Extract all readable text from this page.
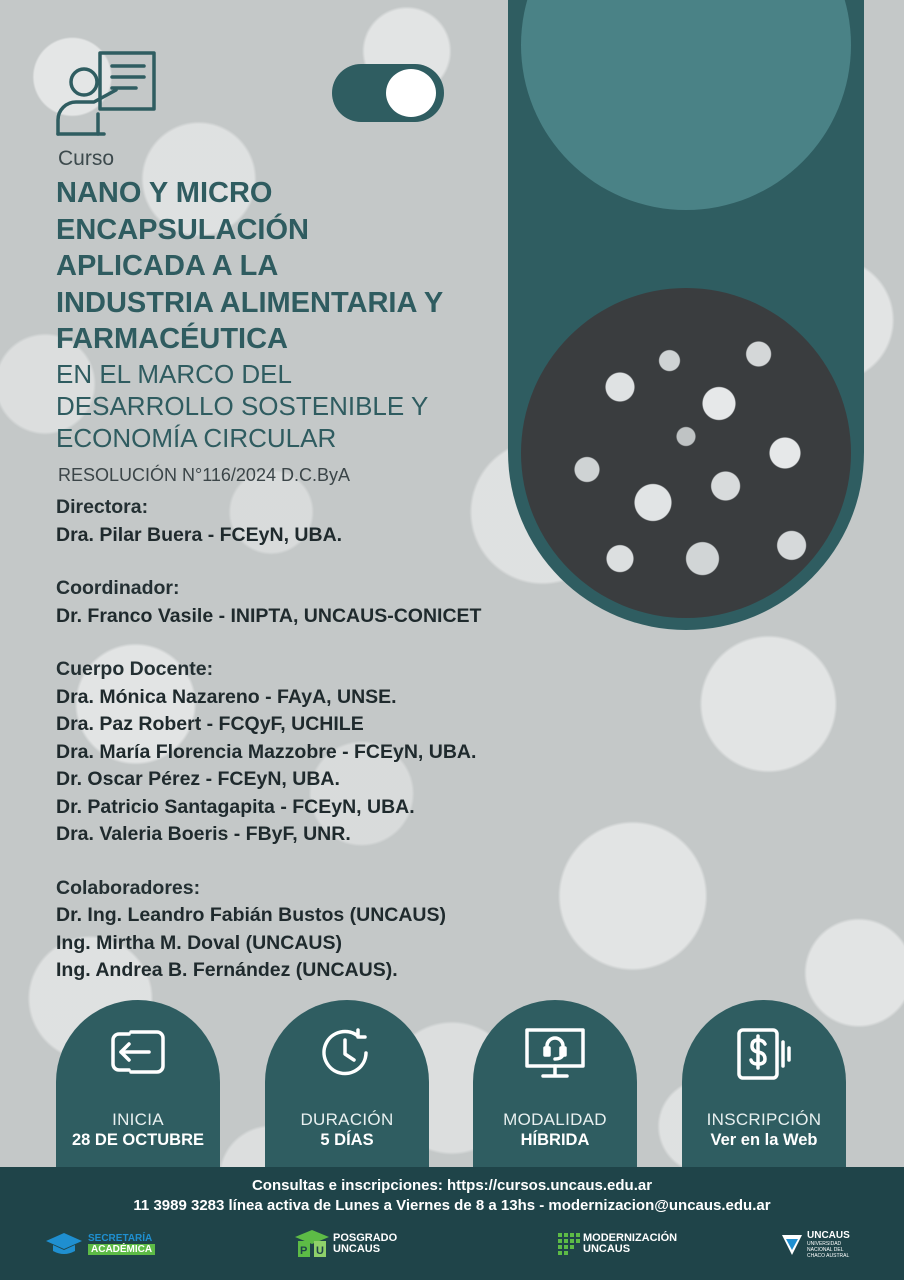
Curso
NANO Y MICRO
ENCAPSULACIÓN
APLICADA A LA
INDUSTRIA ALIMENTARIA Y
FARMACÉUTICA
EN EL MARCO DEL
DESARROLLO SOSTENIBLE Y
ECONOMÍA CIRCULAR
RESOLUCIÓN N°116/2024 D.C.ByA
Directora:
Dra. Pilar Buera - FCEyN, UBA.
Coordinador:
Dr. Franco Vasile - INIPTA, UNCAUS-CONICET
Cuerpo Docente:
Dra. Mónica Nazareno - FAyA, UNSE.
Dra. Paz Robert - FCQyF, UCHILE
Dra. María Florencia Mazzobre - FCEyN, UBA.
Dr. Oscar Pérez - FCEyN, UBA.
Dr. Patricio Santagapita - FCEyN, UBA.
Dra. Valeria Boeris - FByF, UNR.
Colaboradores:
Dr. Ing. Leandro Fabián Bustos (UNCAUS)
Ing. Mirtha M. Doval (UNCAUS)
Ing. Andrea B. Fernández (UNCAUS).
INICIA
28 DE OCTUBRE
DURACIÓN
5 DÍAS
MODALIDAD
HÍBRIDA
INSCRIPCIÓN
Ver en la Web
Consultas e inscripciones: https://cursos.uncaus.edu.ar
11 3989 3283 línea activa de Lunes a Viernes de 8 a 13hs - modernizacion@uncaus.edu.ar
SECRETARÍA
ACADÉMICA	P U
POSGRADO
UNCAUS
MODERNIZACIÓN
UNCAUS
UNCAUS
UNIVERSIDAD
NACIONAL DEL
CHACO AUSTRAL
